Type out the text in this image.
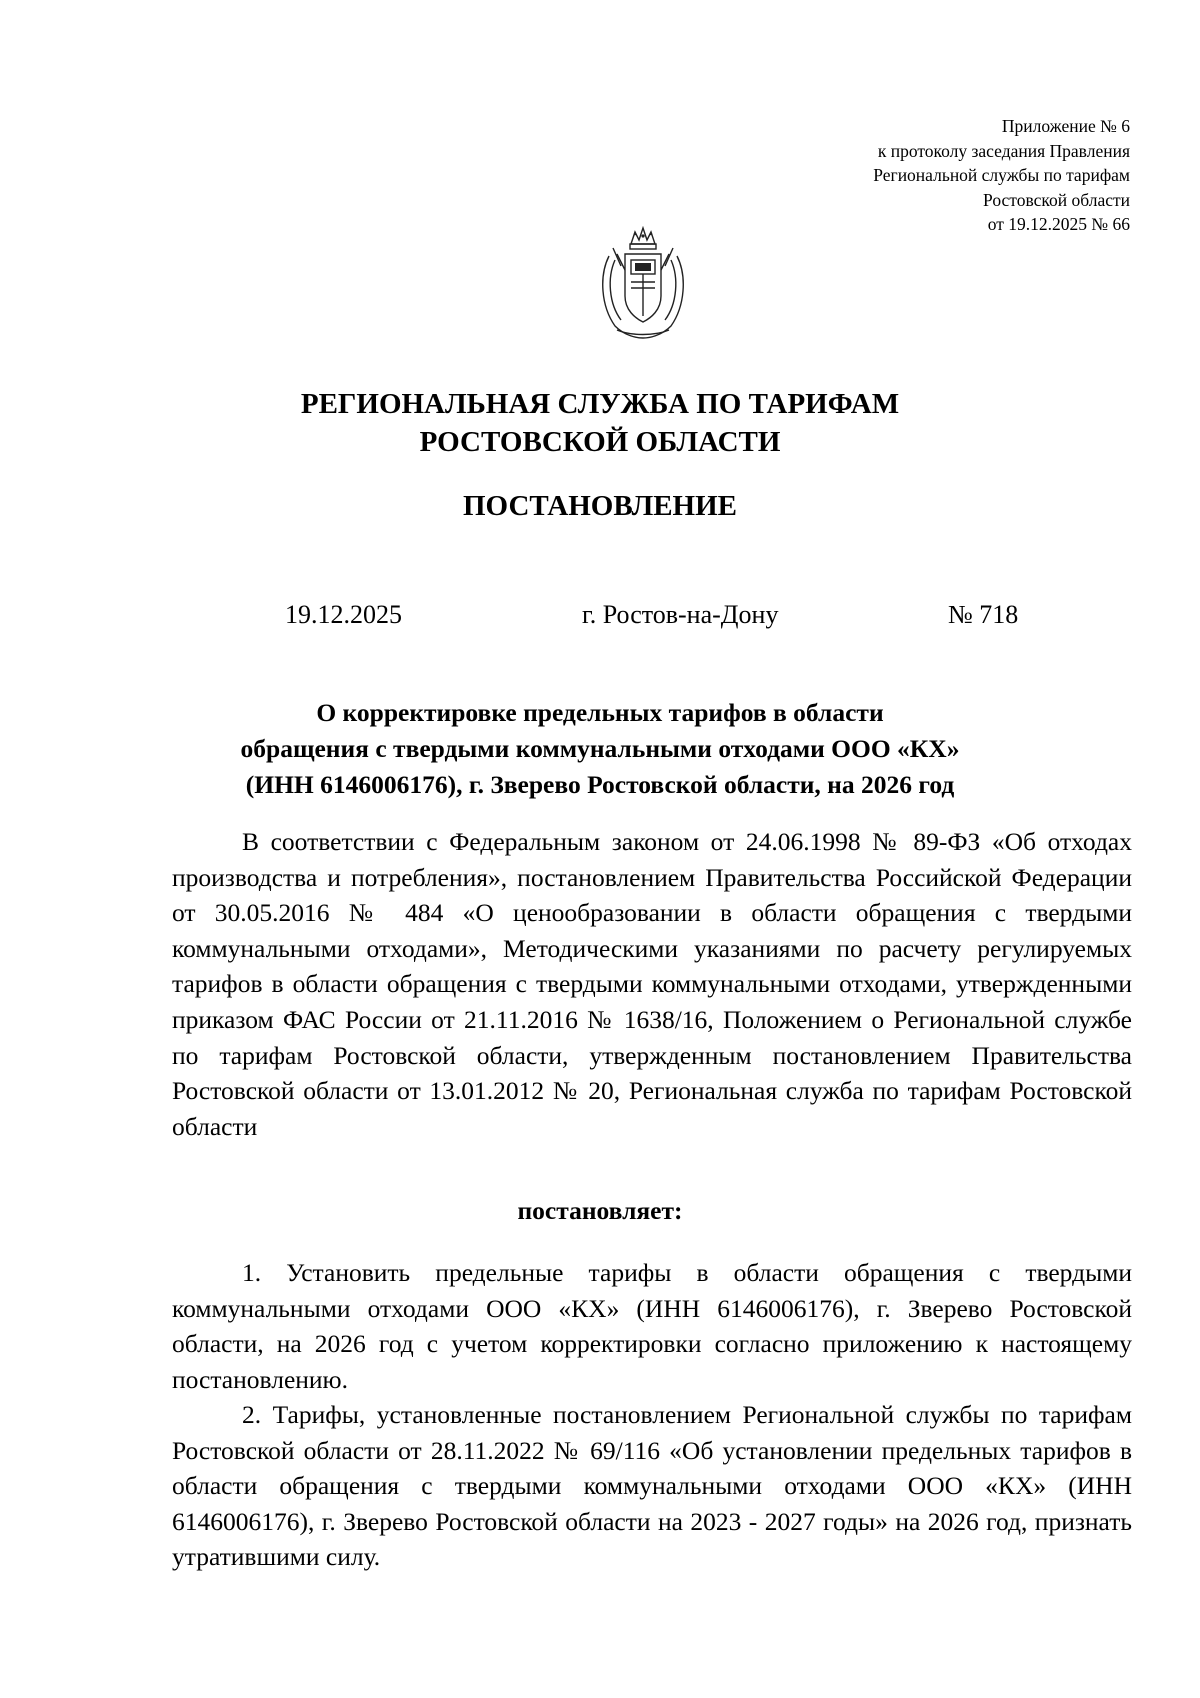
Приложение № 6
к протоколу заседания Правления
Региональной службы по тарифам
Ростовской области
от 19.12.2025 № 66
РЕГИОНАЛЬНАЯ СЛУЖБА ПО ТАРИФАМ
РОСТОВСКОЙ ОБЛАСТИ
ПОСТАНОВЛЕНИЕ
19.12.2025	г. Ростов-на-Дону	№ 718
О корректировке предельных тарифов в области
обращения с твердыми коммунальными отходами ООО «КХ»
(ИНН 6146006176), г. Зверево Ростовской области, на 2026 год
В соответствии с Федеральным законом от 24.06.1998 № 89-ФЗ «Об отходах производства и потребления», постановлением Правительства Российской Федерации от 30.05.2016 № 484 «О ценообразовании в области обращения с твердыми коммунальными отходами», Методическими указаниями по расчету регулируемых тарифов в области обращения с твердыми коммунальными отходами, утвержденными приказом ФАС России от 21.11.2016 № 1638/16, Положением о Региональной службе по тарифам Ростовской области, утвержденным постановлением Правительства Ростовской области от 13.01.2012 № 20, Региональная служба по тарифам Ростовской области
постановляет:
1. Установить предельные тарифы в области обращения с твердыми коммунальными отходами ООО «КХ» (ИНН 6146006176), г. Зверево Ростовской области, на 2026 год с учетом корректировки согласно приложению к настоящему постановлению.
2. Тарифы, установленные постановлением Региональной службы по тарифам Ростовской области от 28.11.2022 № 69/116 «Об установлении предельных тарифов в области обращения с твердыми коммунальными отходами ООО «КХ» (ИНН 6146006176), г. Зверево Ростовской области на 2023 - 2027 годы» на 2026 год, признать утратившими силу.
